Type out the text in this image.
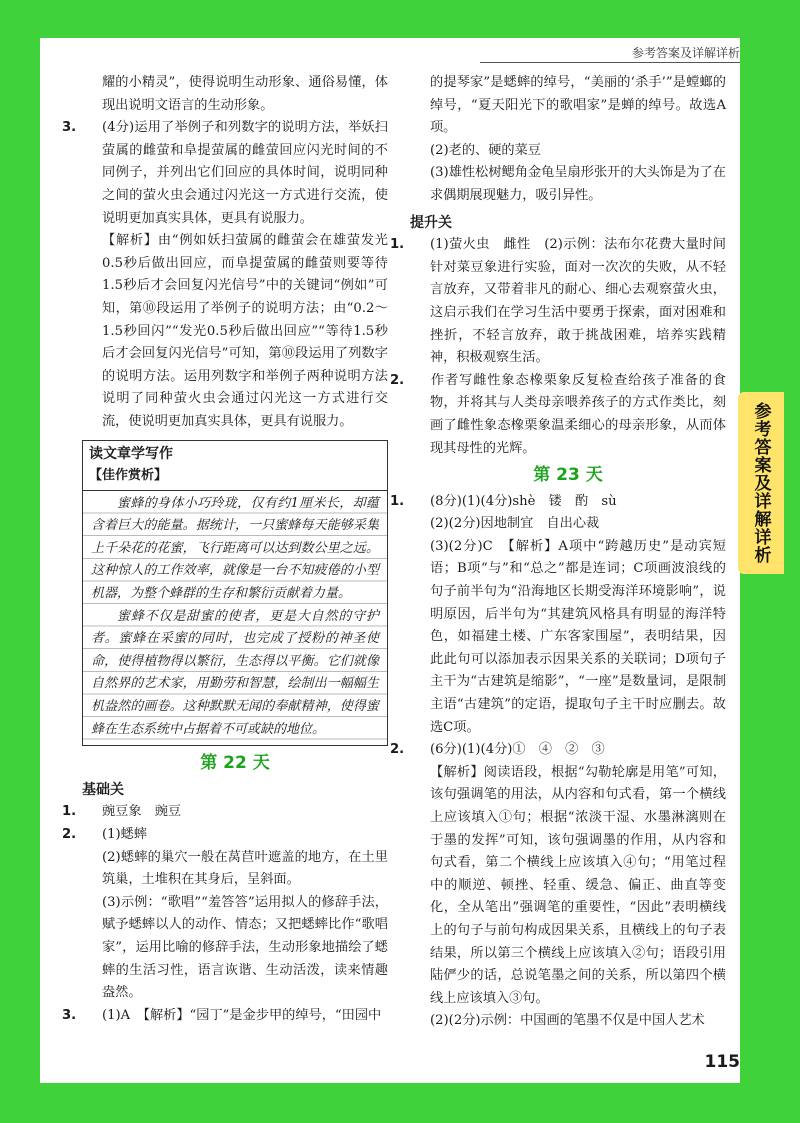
参考答案及详解详析

耀的小精灵”，使得说明生动形象、通俗易懂，体现出说明文语言的生动形象。

3. (4分)运用了举例子和列数字的说明方法，举妖扫萤属的雌萤和阜提萤属的雌萤回应闪光时间的不同例子，并列出它们回应的具体时间，说明同种之间的萤火虫会通过闪光这一方式进行交流，使说明更加真实具体，更具有说服力。

【解析】由“例如妖扫萤属的雌萤会在雄萤发光0.5秒后做出回应，而阜提萤属的雌萤则要等待1.5秒后才会回复闪光信号”中的关键词“例如”可知，第⑩段运用了举例子的说明方法；由“0.2～1.5秒回闪”“发光0.5秒后做出回应”“等待1.5秒后才会回复闪光信号”可知，第⑩段运用了列数字的说明方法。运用列数字和举例子两种说明方法说明了同种萤火虫会通过闪光这一方式进行交流，使说明更加真实具体，更具有说服力。

读文章学写作
【佳作赏析】

蜜蜂的身体小巧玲珑，仅有约1厘米长，却蕴含着巨大的能量。据统计，一只蜜蜂每天能够采集上千朵花的花蜜，飞行距离可以达到数公里之远。这种惊人的工作效率，就像是一台不知疲倦的小型机器，为整个蜂群的生存和繁衍贡献着力量。

蜜蜂不仅是甜蜜的使者，更是大自然的守护者。蜜蜂在采蜜的同时，也完成了授粉的神圣使命，使得植物得以繁衍，生态得以平衡。它们就像自然界的艺术家，用勤劳和智慧，绘制出一幅幅生机盎然的画卷。这种默默无闻的奉献精神，使得蜜蜂在生态系统中占据着不可或缺的地位。

第 22 天
基础关

1. 豌豆象　豌豆

2. (1)蟋蟀

(2)蟋蟀的巢穴一般在莴苣叶遮盖的地方，在土里筑巢，土堆积在其身后，呈斜面。

(3)示例：“歌唱”“羞答答”运用拟人的修辞手法，赋予蟋蟀以人的动作、情态；又把蟋蟀比作“歌唱家”，运用比喻的修辞手法，生动形象地描绘了蟋蟀的生活习性，语言诙谐、生动活泼，读来情趣盎然。

3. (1)A　【解析】“园丁”是金步甲的绰号，“田园中

的提琴家”是蟋蟀的绰号，“美丽的‘杀手’”是螳螂的绰号，“夏天阳光下的歌唱家”是蝉的绰号。故选A项。

(2)老的、硬的菜豆

(3)雄性松树鳃角金龟呈扇形张开的大头饰是为了在求偶期展现魅力，吸引异性。

提升关

1. (1)萤火虫　雌性　(2)示例：法布尔花费大量时间针对菜豆象进行实验，面对一次次的失败，从不轻言放弃，又带着非凡的耐心、细心去观察萤火虫，这启示我们在学习生活中要勇于探索，面对困难和挫折，不轻言放弃，敢于挑战困难，培养实践精神，积极观察生活。

2. 作者写雌性象态橡栗象反复检查给孩子准备的食物，并将其与人类母亲喂养孩子的方式作类比，刻画了雌性象态橡栗象温柔细心的母亲形象，从而体现其母性的光辉。

第 23 天

1. (8分)(1)(4分)shè　镂　酌　sù

(2)(2分)因地制宜　自出心裁

(3)(2分)C　【解析】A项中“跨越历史”是动宾短语；B项“与”和“总之”都是连词；C项画波浪线的句子前半句为“沿海地区长期受海洋环境影响”，说明原因，后半句为“其建筑风格具有明显的海洋特色，如福建土楼、广东客家围屋”，表明结果，因此此句可以添加表示因果关系的关联词；D项句子主干为“古建筑是缩影”，“一座”是数量词，是限制主语“古建筑”的定语，提取句子主干时应删去。故选C项。

2. (6分)(1)(4分)①　④　②　③

【解析】阅读语段，根据“勾勒轮廓是用笔”可知，该句强调笔的用法，从内容和句式看，第一个横线上应该填入①句；根据“浓淡干湿、水墨淋漓则在于墨的发挥”可知，该句强调墨的作用，从内容和句式看，第二个横线上应该填入④句；“用笔过程中的顺逆、顿挫、轻重、缓急、偏正、曲直等变化，全从笔出”强调笔的重要性，“因此”表明横线上的句子与前句构成因果关系，且横线上的句子表结果，所以第三个横线上应该填入②句；语段引用陆俨少的话，总说笔墨之间的关系，所以第四个横线上应该填入③句。

(2)(2分)示例：中国画的笔墨不仅是中国人艺术

参考答案及详解详析
115
